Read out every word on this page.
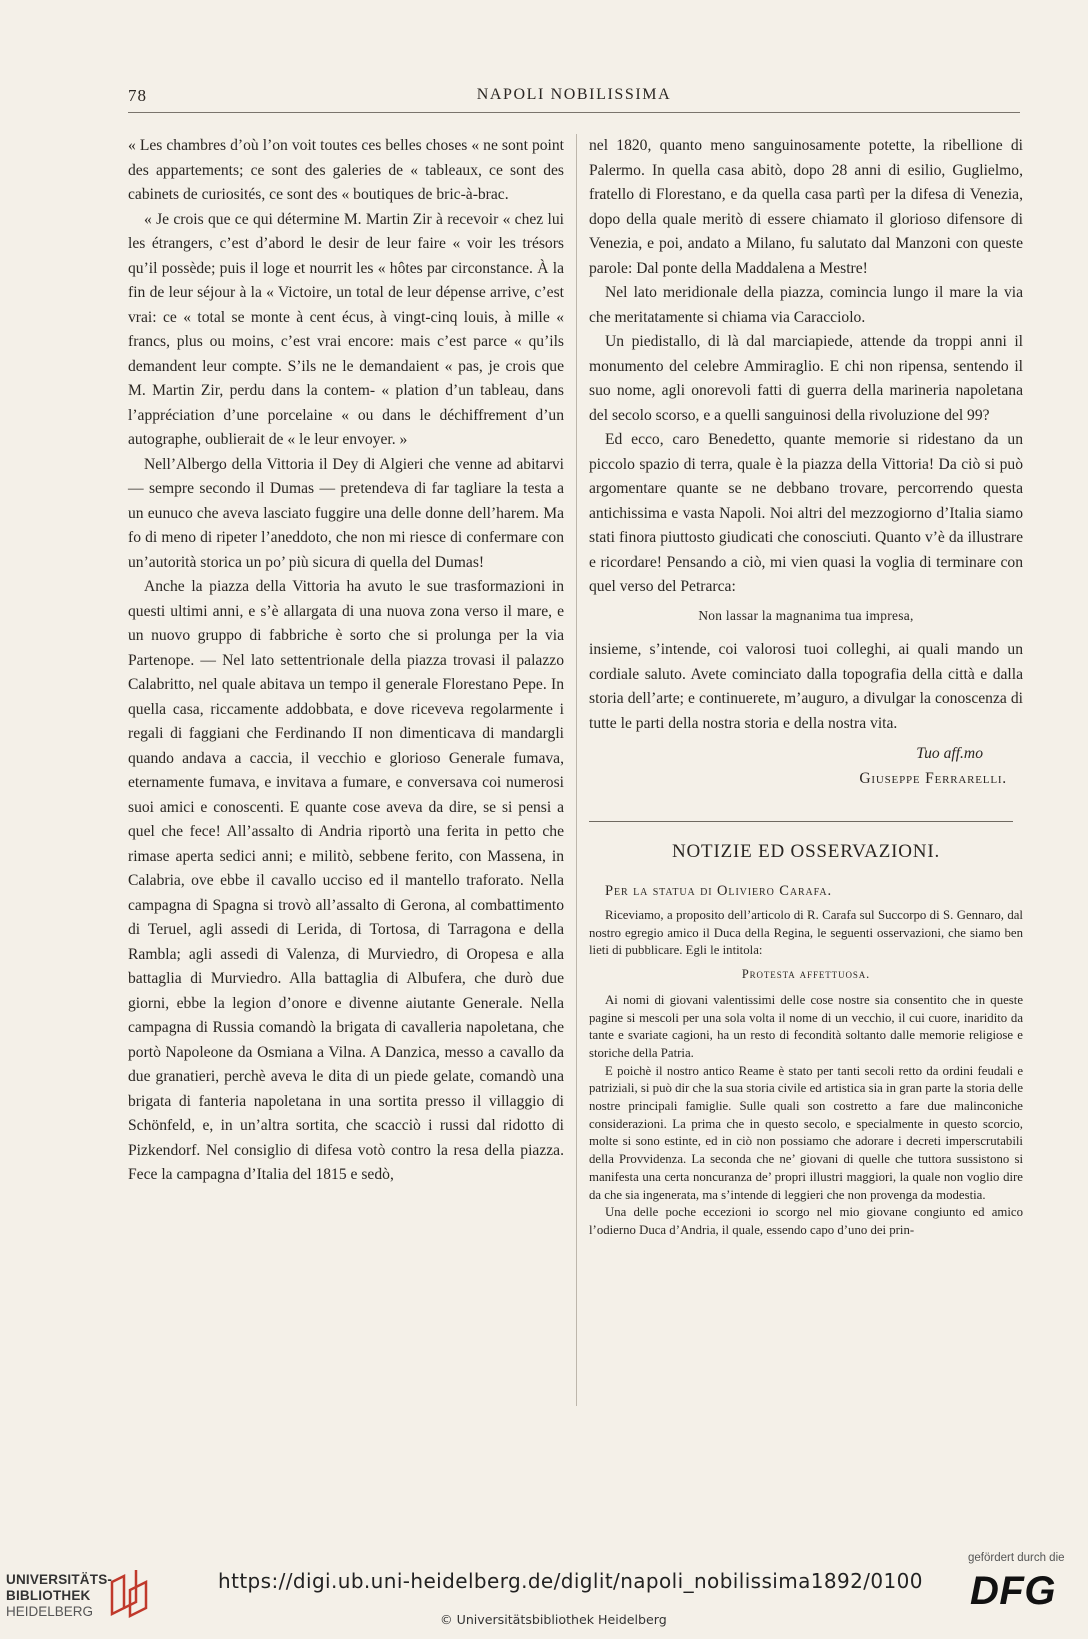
78	NAPOLI NOBILISSIMA

« Les chambres d’où l’on voit toutes ces belles choses « ne sont point des appartements; ce sont des galeries de « tableaux, ce sont des cabinets de curiosités, ce sont des « boutiques de bric-à-brac.

« Je crois que ce qui détermine M. Martin Zir à recevoir « chez lui les étrangers, c’est d’abord le desir de leur faire « voir les trésors qu’il possède; puis il loge et nourrit les « hôtes par circonstance. À la fin de leur séjour à la « Victoire, un total de leur dépense arrive, c’est vrai: ce « total se monte à cent écus, à vingt-cinq louis, à mille « francs, plus ou moins, c’est vrai encore: mais c’est parce « qu’ils demandent leur compte. S’ils ne le demandaient « pas, je crois que M. Martin Zir, perdu dans la contem- « plation d’un tableau, dans l’appréciation d’une porcelaine « ou dans le déchiffrement d’un autographe, oublierait de « le leur envoyer. »

Nell’Albergo della Vittoria il Dey di Algieri che venne ad abitarvi — sempre secondo il Dumas — pretendeva di far tagliare la testa a un eunuco che aveva lasciato fuggire una delle donne dell’harem. Ma fo di meno di ripeter l’aneddoto, che non mi riesce di confermare con un’autorità storica un po’ più sicura di quella del Dumas!

Anche la piazza della Vittoria ha avuto le sue trasformazioni in questi ultimi anni, e s’è allargata di una nuova zona verso il mare, e un nuovo gruppo di fabbriche è sorto che si prolunga per la via Partenope. — Nel lato settentrionale della piazza trovasi il palazzo Calabritto, nel quale abitava un tempo il generale Florestano Pepe. In quella casa, riccamente addobbata, e dove riceveva regolarmente i regali di faggiani che Ferdinando II non dimenticava di mandargli quando andava a caccia, il vecchio e glorioso Generale fumava, eternamente fumava, e invitava a fumare, e conversava coi numerosi suoi amici e conoscenti. E quante cose aveva da dire, se si pensi a quel che fece! All’assalto di Andria riportò una ferita in petto che rimase aperta sedici anni; e militò, sebbene ferito, con Massena, in Calabria, ove ebbe il cavallo ucciso ed il mantello traforato. Nella campagna di Spagna si trovò all’assalto di Gerona, al combattimento di Teruel, agli assedi di Lerida, di Tortosa, di Tarragona e della Rambla; agli assedi di Valenza, di Murviedro, di Oropesa e alla battaglia di Murviedro. Alla battaglia di Albufera, che durò due giorni, ebbe la legion d’onore e divenne aiutante Generale. Nella campagna di Russia comandò la brigata di cavalleria napoletana, che portò Napoleone da Osmiana a Vilna. A Danzica, messo a cavallo da due granatieri, perchè aveva le dita di un piede gelate, comandò una brigata di fanteria napoletana in una sortita presso il villaggio di Schönfeld, e, in un’altra sortita, che scacciò i russi dal ridotto di Pizkendorf. Nel consiglio di difesa votò contro la resa della piazza. Fece la campagna d’Italia del 1815 e sedò,

nel 1820, quanto meno sanguinosamente potette, la ribellione di Palermo. In quella casa abitò, dopo 28 anni di esilio, Guglielmo, fratello di Florestano, e da quella casa partì per la difesa di Venezia, dopo della quale meritò di essere chiamato il glorioso difensore di Venezia, e poi, andato a Milano, fu salutato dal Manzoni con queste parole: Dal ponte della Maddalena a Mestre!

Nel lato meridionale della piazza, comincia lungo il mare la via che meritatamente si chiama via Caracciolo.

Un piedistallo, di là dal marciapiede, attende da troppi anni il monumento del celebre Ammiraglio. E chi non ripensa, sentendo il suo nome, agli onorevoli fatti di guerra della marineria napoletana del secolo scorso, e a quelli sanguinosi della rivoluzione del 99?

Ed ecco, caro Benedetto, quante memorie si ridestano da un piccolo spazio di terra, quale è la piazza della Vittoria! Da ciò si può argomentare quante se ne debbano trovare, percorrendo questa antichissima e vasta Napoli. Noi altri del mezzogiorno d’Italia siamo stati finora piuttosto giudicati che conosciuti. Quanto v’è da illustrare e ricordare! Pensando a ciò, mi vien quasi la voglia di terminare con quel verso del Petrarca:

Non lassar la magnanima tua impresa,

insieme, s’intende, coi valorosi tuoi colleghi, ai quali mando un cordiale saluto. Avete cominciato dalla topografia della città e dalla storia dell’arte; e continuerete, m’auguro, a divulgar la conoscenza di tutte le parti della nostra storia e della nostra vita.

Tuo aff.mo

Giuseppe Ferrarelli.

NOTIZIE ED OSSERVAZIONI.

Per la statua di Oliviero Carafa.

Riceviamo, a proposito dell’articolo di R. Carafa sul Succorpo di S. Gennaro, dal nostro egregio amico il Duca della Regina, le seguenti osservazioni, che siamo ben lieti di pubblicare. Egli le intitola:

Protesta affettuosa.

Ai nomi di giovani valentissimi delle cose nostre sia consentito che in queste pagine si mescoli per una sola volta il nome di un vecchio, il cui cuore, inaridito da tante e svariate cagioni, ha un resto di fecondità soltanto dalle memorie religiose e storiche della Patria.

E poichè il nostro antico Reame è stato per tanti secoli retto da ordini feudali e patriziali, si può dir che la sua storia civile ed artistica sia in gran parte la storia delle nostre principali famiglie. Sulle quali son costretto a fare due malinconiche considerazioni. La prima che in questo secolo, e specialmente in questo scorcio, molte si sono estinte, ed in ciò non possiamo che adorare i decreti imperscrutabili della Provvidenza. La seconda che ne’ giovani di quelle che tuttora sussistono si manifesta una certa noncuranza de’ propri illustri maggiori, la quale non voglio dire da che sia ingenerata, ma s’intende di leggieri che non provenga da modestia.

Una delle poche eccezioni io scorgo nel mio giovane congiunto ed amico l’odierno Duca d’Andria, il quale, essendo capo d’uno dei prin-

UNIVERSITÄTS-
BIBLIOTHEK
HEIDELBERG
https://digi.ub.uni-heidelberg.de/diglit/napoli_nobilissima1892/0100
© Universitätsbibliothek Heidelberg
gefördert durch die
DFG
